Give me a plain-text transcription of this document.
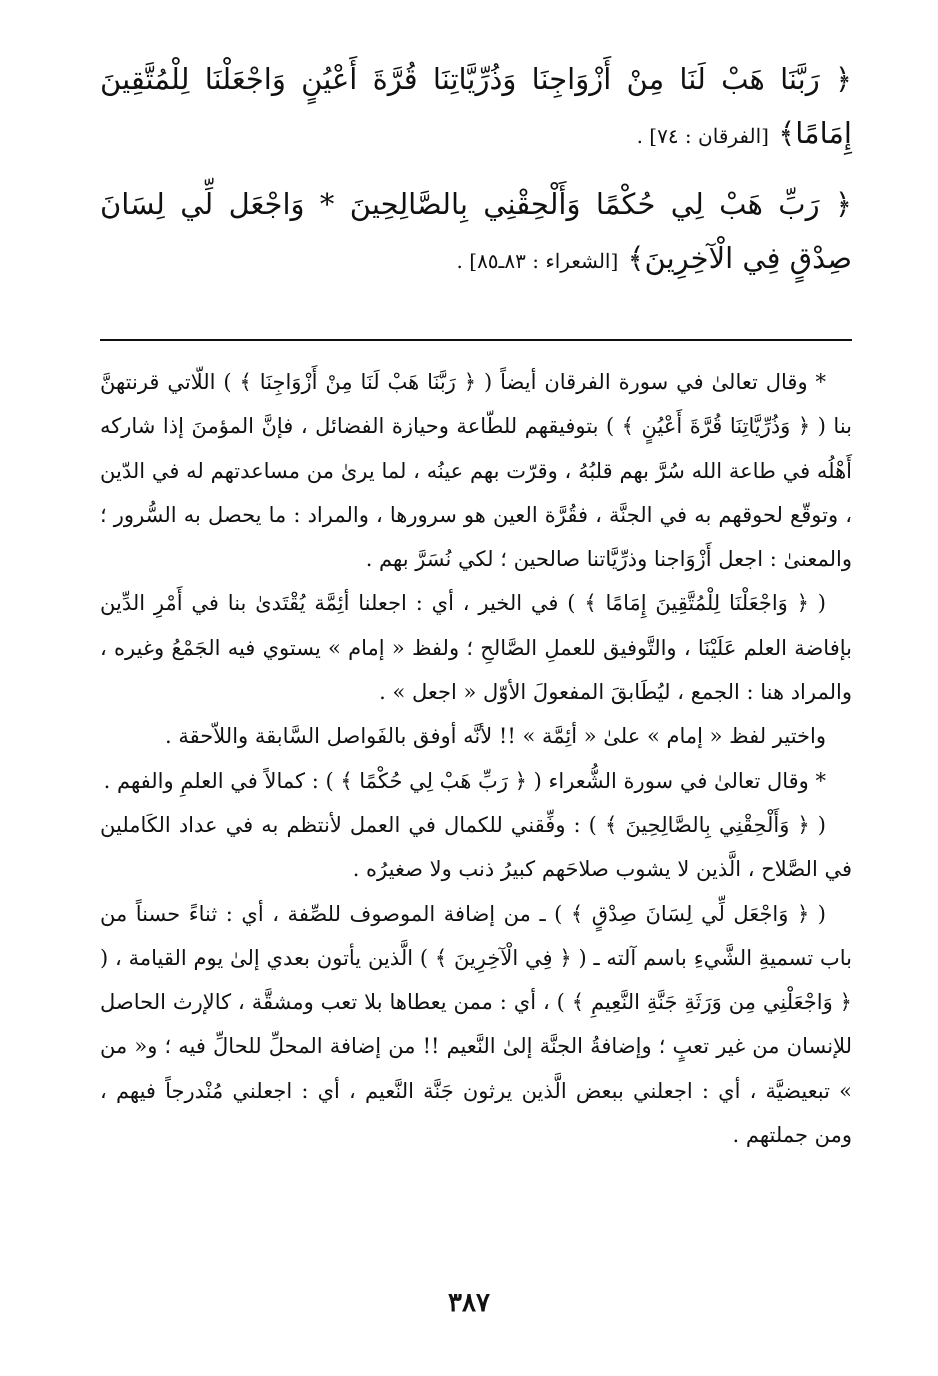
﴿ رَبَّنَا هَبْ لَنَا مِنْ أَزْوَاجِنَا وَذُرِّيَّاتِنَا قُرَّةَ أَعْيُنٍ وَاجْعَلْنَا لِلْمُتَّقِينَ إِمَامًا﴾ [الفرقان : ٧٤] .

﴿ رَبِّ هَبْ لِي حُكْمًا وَأَلْحِقْنِي بِالصَّالِحِينَ * وَاجْعَل لِّي لِسَانَ صِدْقٍ فِي الْآخِرِينَ﴾ [الشعراء : ٨٣ـ٨٥] .

* وقال تعالىٰ في سورة الفرقان أيضاً ( ﴿ رَبَّنَا هَبْ لَنَا مِنْ أَزْوَاجِنَا ﴾ ) اللّاتي قرنتهنَّ بنا ( ﴿ وَذُرِّيَّاتِنَا قُرَّةَ أَعْيُنٍ ﴾ ) بتوفيقهم للطّاعة وحيازة الفضائل ، فإنَّ المؤمنَ إذا شاركه أَهْلُه في طاعة الله سُرَّ بهم قلبُهُ ، وقرّت بهم عينُه ، لما يرىٰ من مساعدتهم له في الدّين ، وتوقّع لحوقهم به في الجنَّة ، فقُرَّة العين هو سرورها ، والمراد : ما يحصل به السُّرور ؛ والمعنىٰ : اجعل أَزْوَاجنا وذرِّيَّاتنا صالحين ؛ لكي نُسَرَّ بهم .

( ﴿ وَاجْعَلْنَا لِلْمُتَّقِينَ إِمَامًا ﴾ ) في الخير ، أي : اجعلنا أئِمَّة يُقْتَدىٰ بنا في أَمْرِ الدِّين بإفاضة العلم عَلَيْنَا ، والتَّوفيق للعملِ الصَّالحِ ؛ ولفظ « إمام » يستوي فيه الجَمْعُ وغيره ، والمراد هنا : الجمع ، ليُطَابقَ المفعولَ الأوّل « اجعل » .

واختير لفظ « إمام » علىٰ « أئِمَّة » !! لأنَّه أوفق بالفَواصل السَّابقة واللاّحقة .

* وقال تعالىٰ في سورة الشُّعراء ( ﴿ رَبِّ هَبْ لِي حُكْمًا ﴾ ) : كمالاً في العلمِ والفهم .

( ﴿ وَأَلْحِقْنِي بِالصَّالِحِينَ ﴾ ) : وفِّقني للكمال في العمل لأنتظم به في عداد الكَاملين في الصَّلاح ، الَّذين لا يشوب صلاحَهم كبيرُ ذنب ولا صغيرُه .

( ﴿ وَاجْعَل لِّي لِسَانَ صِدْقٍ ﴾ ) ـ من إضافة الموصوف للصِّفة ، أي : ثناءً حسناً من باب تسميةِ الشَّيءِ باسم آلته ـ ( ﴿ فِي الْآخِرِينَ ﴾ ) الَّذين يأتون بعدي إلىٰ يوم القيامة ، ( ﴿ وَاجْعَلْنِي مِن وَرَثَةِ جَنَّةِ النَّعِيمِ ﴾ ) ، أي : ممن يعطاها بلا تعب ومشقَّة ، كالإرث الحاصل للإنسان من غير تعبٍ ؛ وإضافةُ الجنَّة إلىٰ النَّعيم !! من إضافة المحلِّ للحالِّ فيه ؛ و« من » تبعيضيَّة ، أي : اجعلني ببعض الَّذين يرثون جَنَّة النَّعيم ، أي : اجعلني مُنْدرجاً فيهم ، ومن جملتهم .

٣٨٧
